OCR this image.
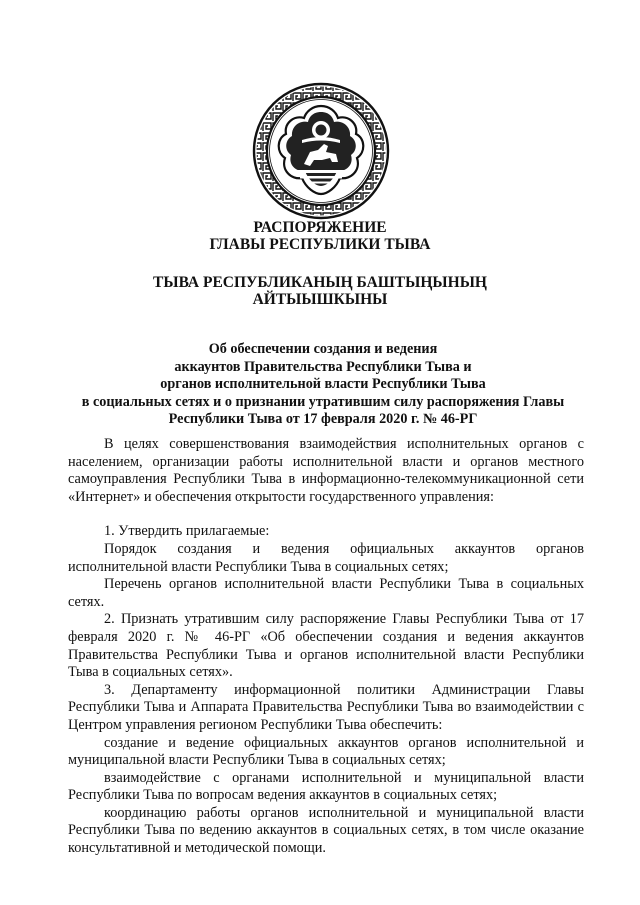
РАСПОРЯЖЕНИЕ
ГЛАВЫ РЕСПУБЛИКИ ТЫВА
ТЫВА РЕСПУБЛИКАНЫҢ БАШТЫҢЫНЫҢ
АЙТЫЫШКЫНЫ
Об обеспечении создания и ведения
аккаунтов Правительства Республики Тыва и
органов исполнительной власти Республики Тыва
в социальных сетях и о признании утратившим силу распоряжения Главы
Республики Тыва от 17 февраля 2020 г. № 46-РГ

В целях совершенствования взаимодействия исполнительных органов с населением, организации работы исполнительной власти и органов местного самоуправления Республики Тыва в информационно-телекоммуникационной сети «Интернет» и обеспечения открытости государственного управления:

1. Утвердить прилагаемые:

Порядок создания и ведения официальных аккаунтов органов исполнительной власти Республики Тыва в социальных сетях;

Перечень органов исполнительной власти Республики Тыва в социальных сетях.

2. Признать утратившим силу распоряжение Главы Республики Тыва от 17 февраля 2020 г. № 46-РГ «Об обеспечении создания и ведения аккаунтов Правительства Республики Тыва и органов исполнительной власти Республики Тыва в социальных сетях».

3. Департаменту информационной политики Администрации Главы Республики Тыва и Аппарата Правительства Республики Тыва во взаимодействии с Центром управления регионом Республики Тыва обеспечить:

создание и ведение официальных аккаунтов органов исполнительной и муниципальной власти Республики Тыва в социальных сетях;

взаимодействие с органами исполнительной и муниципальной власти Республики Тыва по вопросам ведения аккаунтов в социальных сетях;

координацию работы органов исполнительной и муниципальной власти Республики Тыва по ведению аккаунтов в социальных сетях, в том числе оказание консультативной и методической помощи.
